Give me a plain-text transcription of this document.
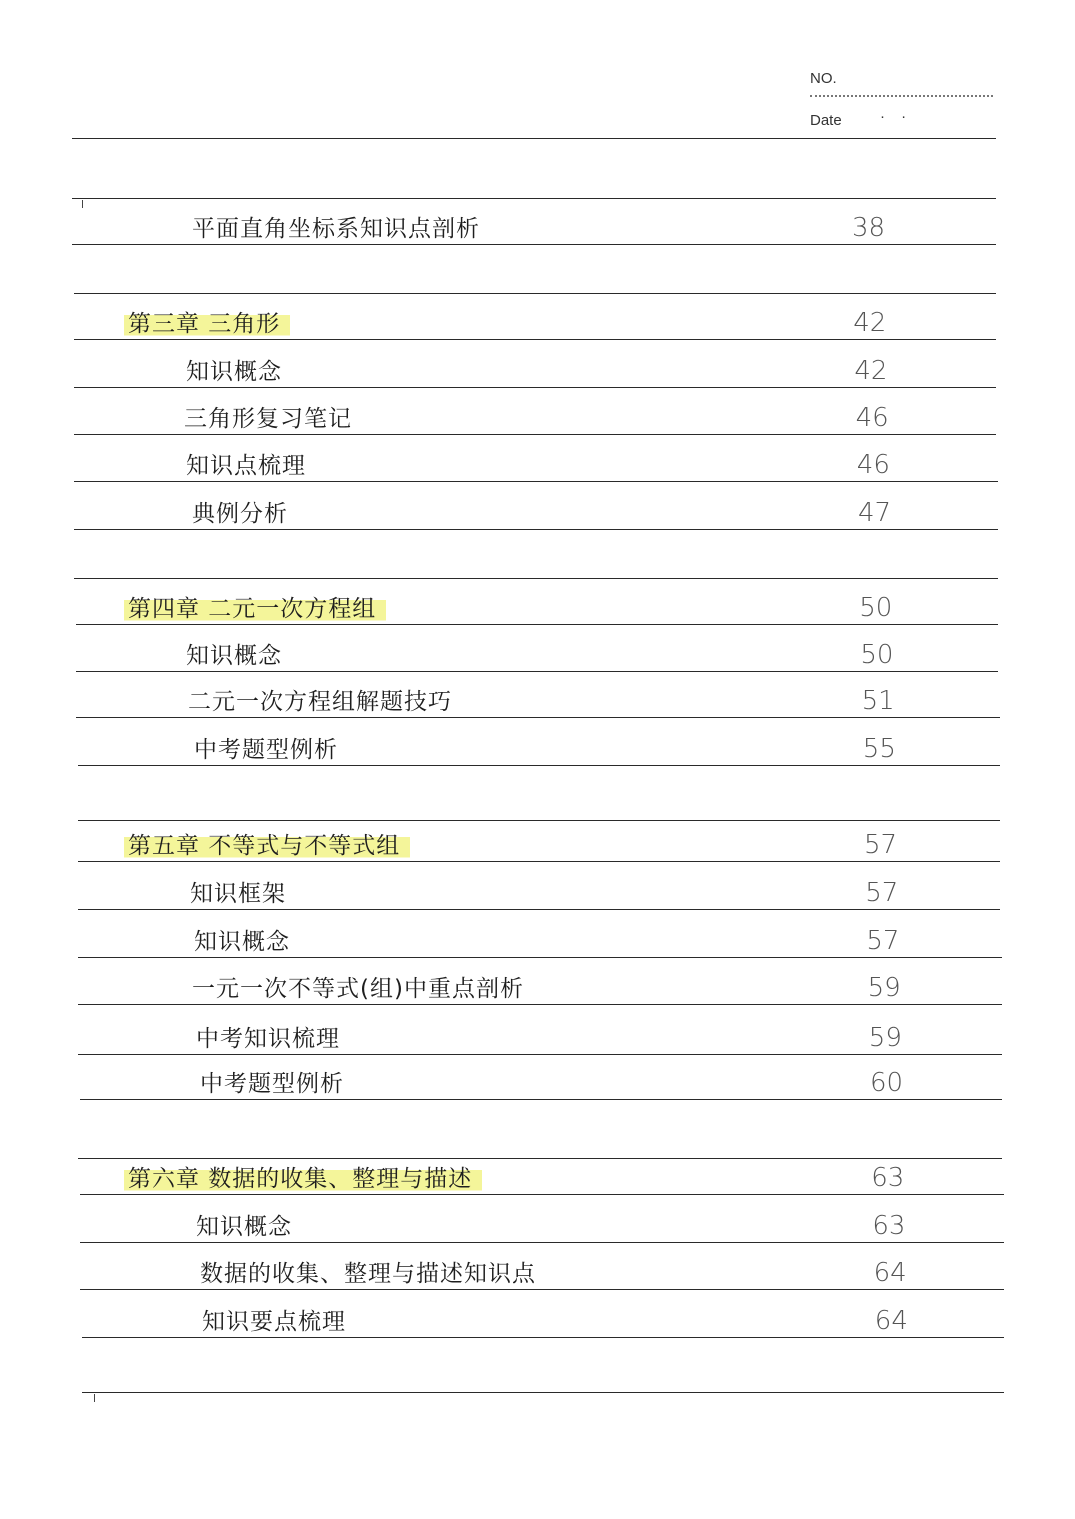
NO.
Date	· ·
平面直角坐标系知识点剖析	38
第三章 三角形	42
知识概念	42
三角形复习笔记	46
知识点梳理	46
典例分析	47
第四章 二元一次方程组	50
知识概念	50
二元一次方程组解题技巧	51
中考题型例析	55
第五章 不等式与不等式组	57
知识框架	57
知识概念	57
一元一次不等式(组)中重点剖析	59
中考知识梳理	59
中考题型例析	60
第六章 数据的收集、整理与描述	63
知识概念	63
数据的收集、整理与描述知识点	64
知识要点梳理	64
